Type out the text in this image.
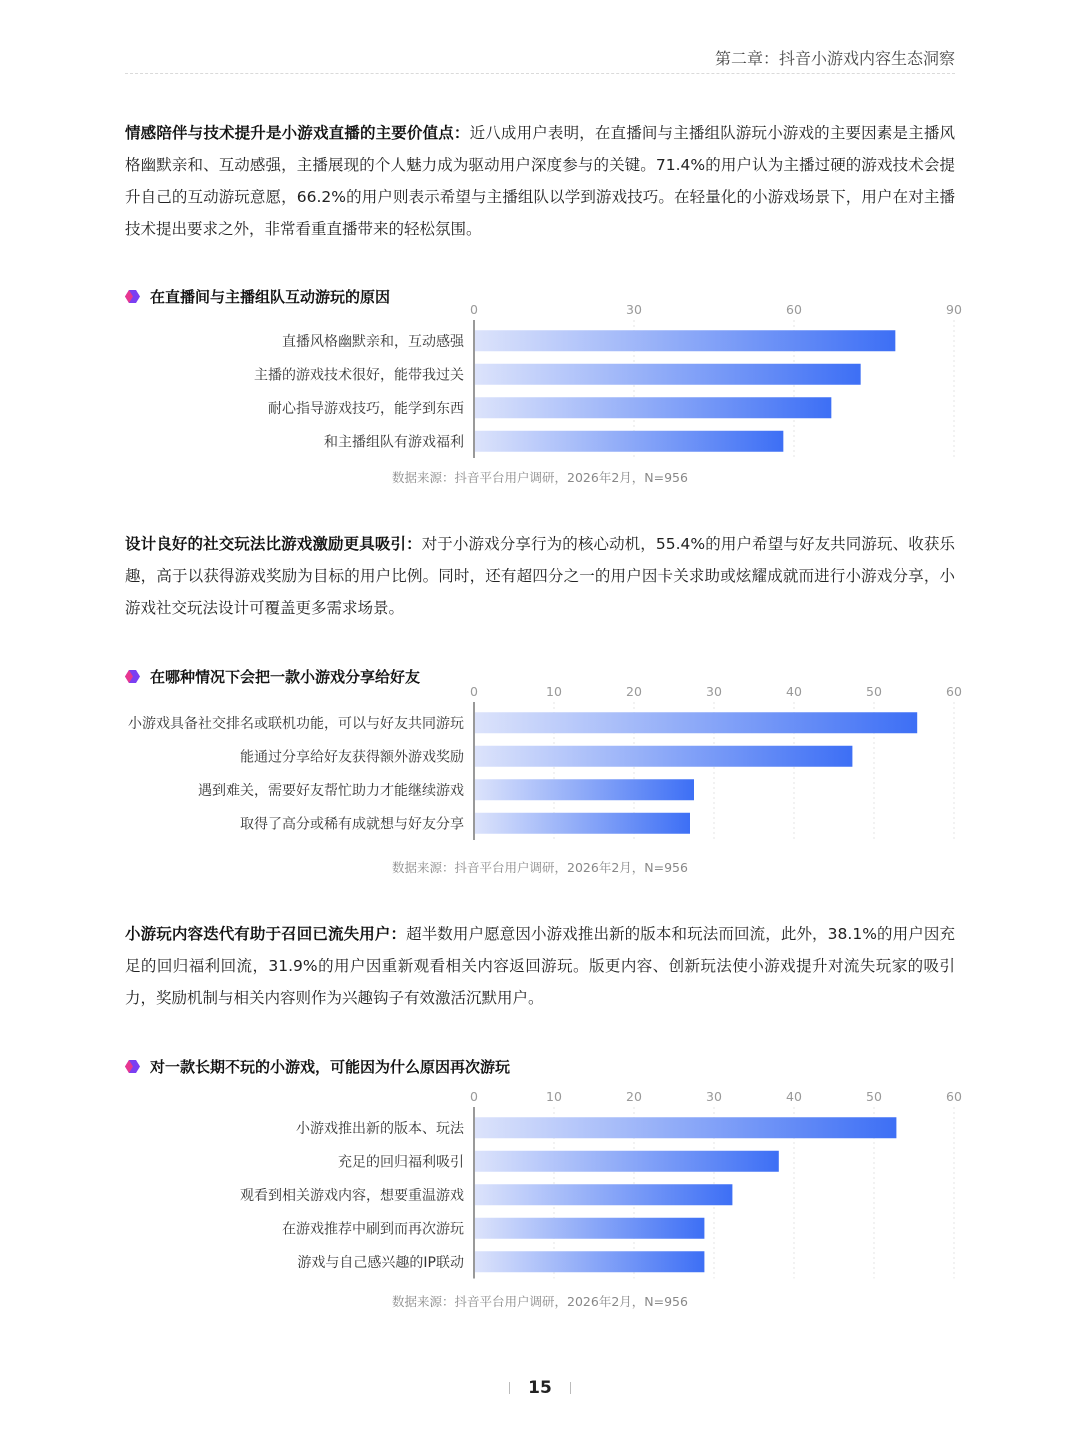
第二章：抖音小游戏内容生态洞察
情感陪伴与技术提升是小游戏直播的主要价值点：近八成用户表明，在直播间与主播组队游玩小游戏的主要因素是主播风格幽默亲和、互动感强，主播展现的个人魅力成为驱动用户深度参与的关键。71.4%的用户认为主播过硬的游戏技术会提升自己的互动游玩意愿，66.2%的用户则表示希望与主播组队以学到游戏技巧。在轻量化的小游戏场景下，用户在对主播技术提出要求之外，非常看重直播带来的轻松氛围。
在直播间与主播组队互动游玩的原因
0	30	60	90
直播风格幽默亲和，互动感强
主播的游戏技术很好，能带我过关
耐心指导游戏技巧，能学到东西
和主播组队有游戏福利
数据来源：抖音平台用户调研，2026年2月，N=956
设计良好的社交玩法比游戏激励更具吸引：对于小游戏分享行为的核心动机，55.4%的用户希望与好友共同游玩、收获乐趣，高于以获得游戏奖励为目标的用户比例。同时，还有超四分之一的用户因卡关求助或炫耀成就而进行小游戏分享，小游戏社交玩法设计可覆盖更多需求场景。
在哪种情况下会把一款小游戏分享给好友
0	10	20	30	40	50	60
小游戏具备社交排名或联机功能，可以与好友共同游玩
能通过分享给好友获得额外游戏奖励
遇到难关，需要好友帮忙助力才能继续游戏
取得了高分或稀有成就想与好友分享
数据来源：抖音平台用户调研，2026年2月，N=956
小游玩内容迭代有助于召回已流失用户：超半数用户愿意因小游戏推出新的版本和玩法而回流，此外，38.1%的用户因充足的回归福利回流，31.9%的用户因重新观看相关内容返回游玩。版更内容、创新玩法使小游戏提升对流失玩家的吸引力，奖励机制与相关内容则作为兴趣钩子有效激活沉默用户。
对一款长期不玩的小游戏，可能因为什么原因再次游玩
0	10	20	30	40	50	60
小游戏推出新的版本、玩法
充足的回归福利吸引
观看到相关游戏内容，想要重温游戏
在游戏推荐中刷到而再次游玩
游戏与自己感兴趣的IP联动
数据来源：抖音平台用户调研，2026年2月，N=956
15
